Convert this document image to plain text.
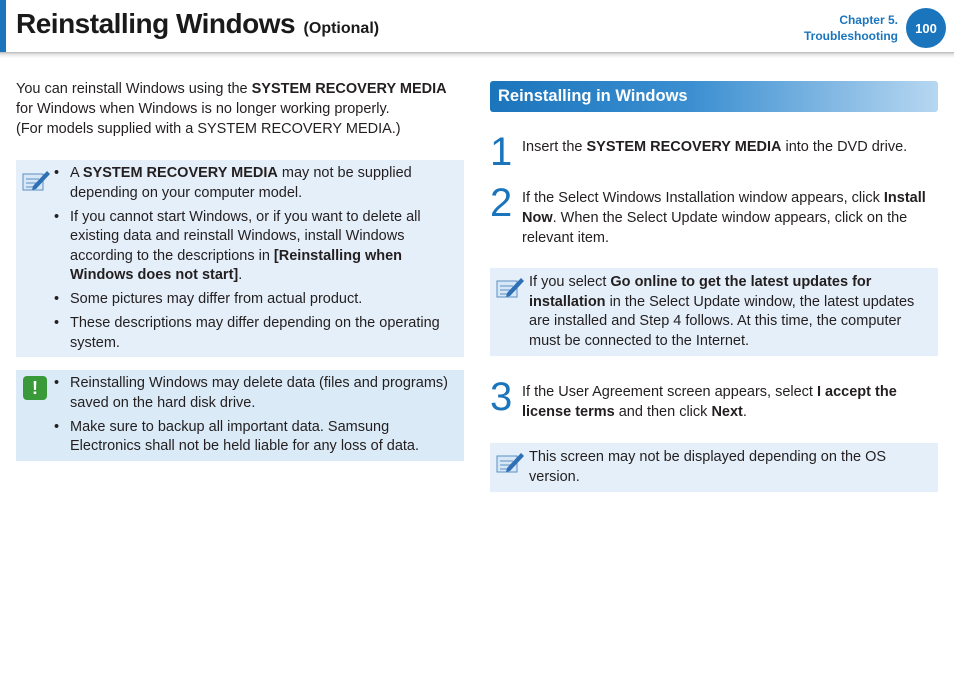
Reinstalling Windows (Optional)	Chapter 5.
Troubleshooting
100
You can reinstall Windows using the SYSTEM RECOVERY MEDIA
for Windows when Windows is no longer working properly.
(For models supplied with a SYSTEM RECOVERY MEDIA.)
• A SYSTEM RECOVERY MEDIA may not be supplied depending on your computer model.
• If you cannot start Windows, or if you want to delete all existing data and reinstall Windows, install Windows according to the descriptions in [Reinstalling when Windows does not start].
• Some pictures may differ from actual product.
• These descriptions may differ depending on the operating system.
• Reinstalling Windows may delete data (files and programs) saved on the hard disk drive.
• Make sure to backup all important data. Samsung Electronics shall not be held liable for any loss of data.
!
Reinstalling in Windows
1 Insert the SYSTEM RECOVERY MEDIA into the DVD drive.
2 If the Select Windows Installation window appears, click Install Now. When the Select Update window appears, click on the relevant item.

If you select Go online to get the latest updates for installation in the Select Update window, the latest updates are installed and Step 4 follows. At this time, the computer must be connected to the Internet.

3 If the User Agreement screen appears, select I accept the license terms and then click Next.

This screen may not be displayed depending on the OS version.
